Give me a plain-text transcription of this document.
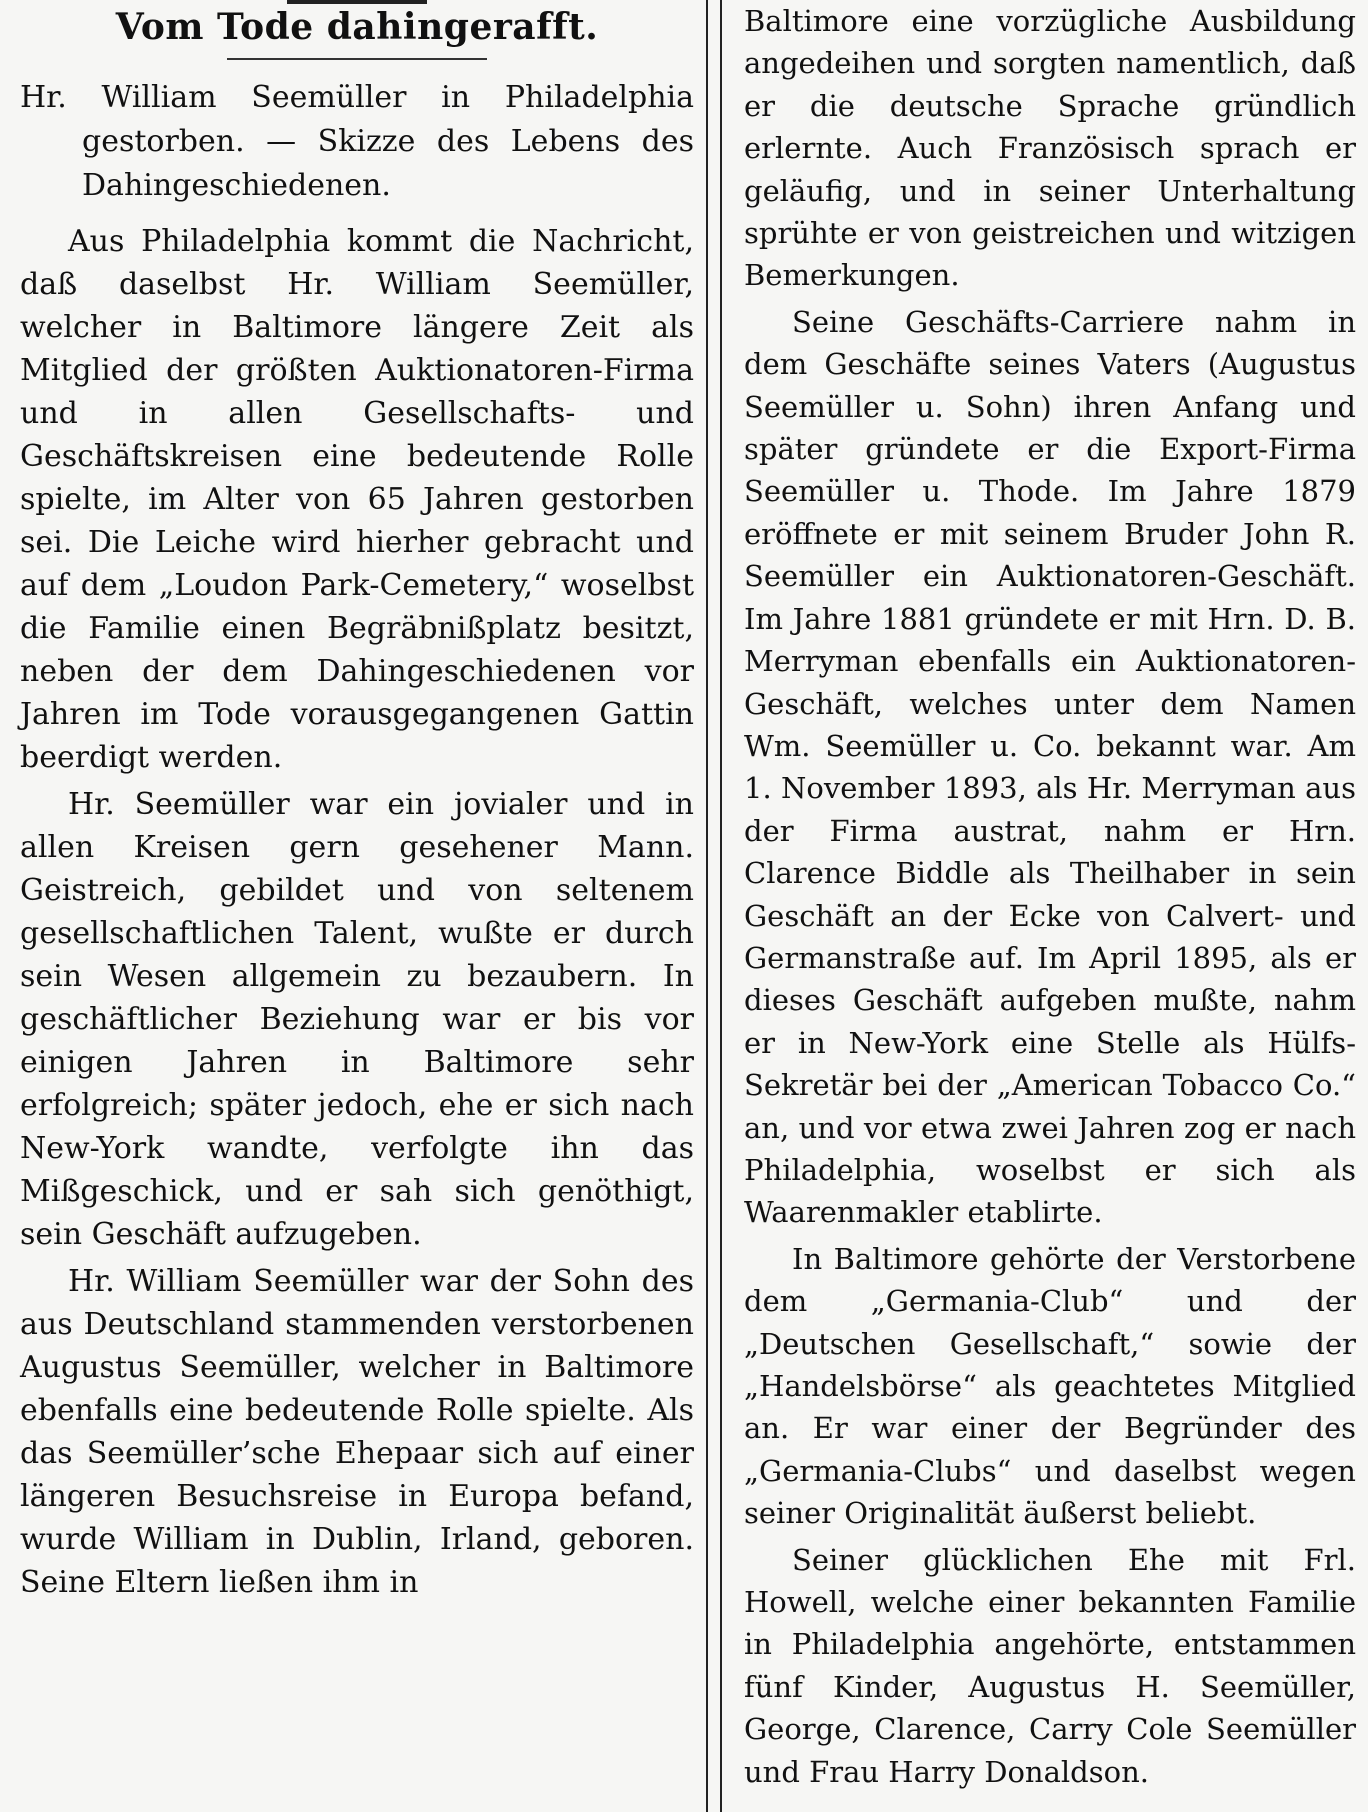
Vom Tode dahingerafft.

Hr. William Seemüller in Philadelphia gestorben. — Skizze des Lebens des Dahingeschiedenen.

Aus Philadelphia kommt die Nachricht, daß daselbst Hr. William Seemüller, welcher in Baltimore längere Zeit als Mitglied der größten Auktionatoren-Firma und in allen Gesellschafts- und Geschäftskreisen eine bedeutende Rolle spielte, im Alter von 65 Jahren gestorben sei. Die Leiche wird hierher gebracht und auf dem „Loudon Park-Cemetery,“ woselbst die Familie einen Begräbnißplatz besitzt, neben der dem Dahingeschiedenen vor Jahren im Tode vorausgegangenen Gattin beerdigt werden.

Hr. Seemüller war ein jovialer und in allen Kreisen gern gesehener Mann. Geistreich, gebildet und von seltenem gesellschaftlichen Talent, wußte er durch sein Wesen allgemein zu bezaubern. In geschäftlicher Beziehung war er bis vor einigen Jahren in Baltimore sehr erfolgreich; später jedoch, ehe er sich nach New-York wandte, verfolgte ihn das Mißgeschick, und er sah sich genöthigt, sein Geschäft aufzugeben.

Hr. William Seemüller war der Sohn des aus Deutschland stammenden verstorbenen Augustus Seemüller, welcher in Baltimore ebenfalls eine bedeutende Rolle spielte. Als das Seemüller’sche Ehepaar sich auf einer längeren Besuchsreise in Europa befand, wurde William in Dublin, Irland, geboren. Seine Eltern ließen ihm in

Baltimore eine vorzügliche Ausbildung angedeihen und sorgten namentlich, daß er die deutsche Sprache gründlich erlernte. Auch Französisch sprach er geläufig, und in seiner Unterhaltung sprühte er von geistreichen und witzigen Bemerkungen.

Seine Geschäfts-Carriere nahm in dem Geschäfte seines Vaters (Augustus Seemüller u. Sohn) ihren Anfang und später gründete er die Export-Firma Seemüller u. Thode. Im Jahre 1879 eröffnete er mit seinem Bruder John R. Seemüller ein Auktionatoren-Geschäft. Im Jahre 1881 gründete er mit Hrn. D. B. Merryman ebenfalls ein Auktionatoren-Geschäft, welches unter dem Namen Wm. Seemüller u. Co. bekannt war. Am 1. November 1893, als Hr. Merryman aus der Firma austrat, nahm er Hrn. Clarence Biddle als Theilhaber in sein Geschäft an der Ecke von Calvert- und Germanstraße auf. Im April 1895, als er dieses Geschäft aufgeben mußte, nahm er in New-York eine Stelle als Hülfs-Sekretär bei der „American Tobacco Co.“ an, und vor etwa zwei Jahren zog er nach Philadelphia, woselbst er sich als Waarenmakler etablirte.

In Baltimore gehörte der Verstorbene dem „Germania-Club“ und der „Deutschen Gesellschaft,“ sowie der „Handelsbörse“ als geachtetes Mitglied an. Er war einer der Begründer des „Germania-Clubs“ und daselbst wegen seiner Originalität äußerst beliebt.

Seiner glücklichen Ehe mit Frl. Howell, welche einer bekannten Familie in Philadelphia angehörte, entstammen fünf Kinder, Augustus H. Seemüller, George, Clarence, Carry Cole Seemüller und Frau Harry Donaldson.
